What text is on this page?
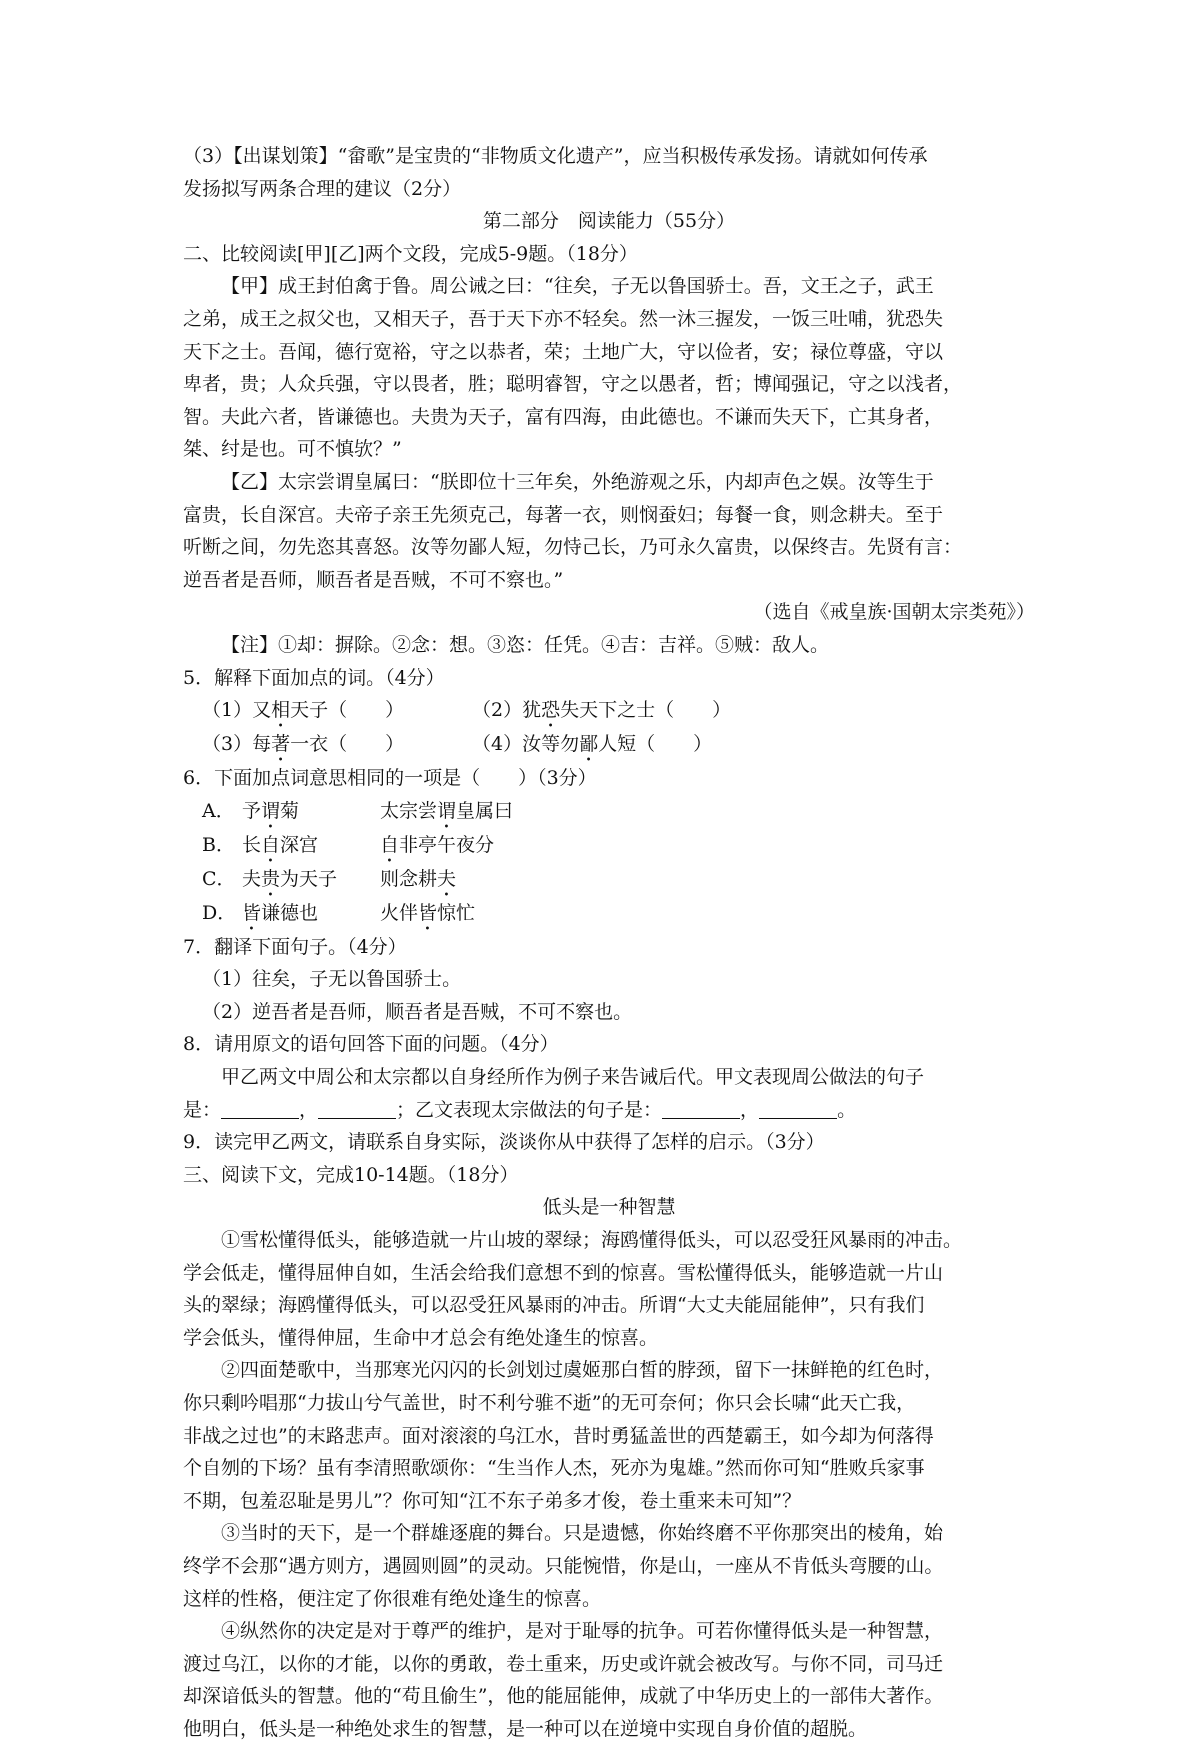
（3）【出谋划策】“畲歌”是宝贵的“非物质文化遗产”，应当积极传承发扬。请就如何传承
发扬拟写两条合理的建议（2分）
第二部分　阅读能力（55分）
二、比较阅读[甲][乙]两个文段，完成5-9题。（18分）
【甲】成王封伯禽于鲁。周公诫之曰：“往矣，子无以鲁国骄士。吾，文王之子，武王
之弟，成王之叔父也，又相天子，吾于天下亦不轻矣。然一沐三握发，一饭三吐哺，犹恐失
天下之士。吾闻，德行宽裕，守之以恭者，荣；土地广大，守以俭者，安；禄位尊盛，守以
卑者，贵；人众兵强，守以畏者，胜；聪明睿智，守之以愚者，哲；博闻强记，守之以浅者，
智。夫此六者，皆谦德也。夫贵为天子，富有四海，由此德也。不谦而失天下，亡其身者，
桀、纣是也。可不慎欤？”
【乙】太宗尝谓皇属曰：“朕即位十三年矣，外绝游观之乐，内却声色之娱。汝等生于
富贵，长自深宫。夫帝子亲王先须克己，每著一衣，则悯蚕妇；每餐一食，则念耕夫。至于
听断之间，勿先恣其喜怒。汝等勿鄙人短，勿恃己长，乃可永久富贵，以保终吉。先贤有言：
逆吾者是吾师，顺吾者是吾贼，不可不察也。”
（选自《戒皇族·国朝太宗类苑》）
【注】①却：摒除。②念：想。③恣：任凭。④吉：吉祥。⑤贼：敌人。
5．解释下面加点的词。（4分）
（1）又相天子（　　）	（2）犹恐失天下之士（　　）
（3）每著一衣（　　）	（4）汝等勿鄙人短（　　）
6．下面加点词意思相同的一项是（　　）（3分）
A． 予谓菊	太宗尝谓皇属曰
B． 长自深宫	自非亭午夜分
C． 夫贵为天子 则念耕夫
D． 皆谦德也	火伴皆惊忙
7．翻译下面句子。（4分）
（1）往矣，子无以鲁国骄士。
（2）逆吾者是吾师，顺吾者是吾贼，不可不察也。
8．请用原文的语句回答下面的问题。（4分）
甲乙两文中周公和太宗都以自身经所作为例子来告诫后代。甲文表现周公做法的句子
是：	，	；乙文表现太宗做法的句子是：	，	。
9．读完甲乙两文，请联系自身实际，淡谈你从中获得了怎样的启示。（3分）
三、阅读下文，完成10-14题。（18分）
低头是一种智慧
①雪松懂得低头，能够造就一片山坡的翠绿；海鸥懂得低头，可以忍受狂风暴雨的冲击。
学会低走，懂得屈伸自如，生活会给我们意想不到的惊喜。雪松懂得低头，能够造就一片山
头的翠绿；海鸥懂得低头，可以忍受狂风暴雨的冲击。所谓“大丈夫能屈能伸”，只有我们
学会低头，懂得伸屈，生命中才总会有绝处逢生的惊喜。
②四面楚歌中，当那寒光闪闪的长剑划过虞姬那白皙的脖颈，留下一抹鲜艳的红色时，
你只剩吟唱那“力拔山兮气盖世，时不利兮骓不逝”的无可奈何；你只会长啸“此天亡我，
非战之过也”的末路悲声。面对滚滚的乌江水，昔时勇猛盖世的西楚霸王，如今却为何落得
个自刎的下场？虽有李清照歌颂你：“生当作人杰，死亦为鬼雄。”然而你可知“胜败兵家事
不期，包羞忍耻是男儿”？你可知“江不东子弟多才俊，卷土重来未可知”？
③当时的天下，是一个群雄逐鹿的舞台。只是遗憾，你始终磨不平你那突出的棱角，始
终学不会那“遇方则方，遇圆则圆”的灵动。只能惋惜，你是山，一座从不肯低头弯腰的山。
这样的性格，便注定了你很难有绝处逢生的惊喜。
④纵然你的决定是对于尊严的维护，是对于耻辱的抗争。可若你懂得低头是一种智慧，
渡过乌江，以你的才能，以你的勇敢，卷土重来，历史或许就会被改写。与你不同，司马迁
却深谙低头的智慧。他的“苟且偷生”，他的能屈能伸，成就了中华历史上的一部伟大著作。
他明白，低头是一种绝处求生的智慧，是一种可以在逆境中实现自身价值的超脱。
